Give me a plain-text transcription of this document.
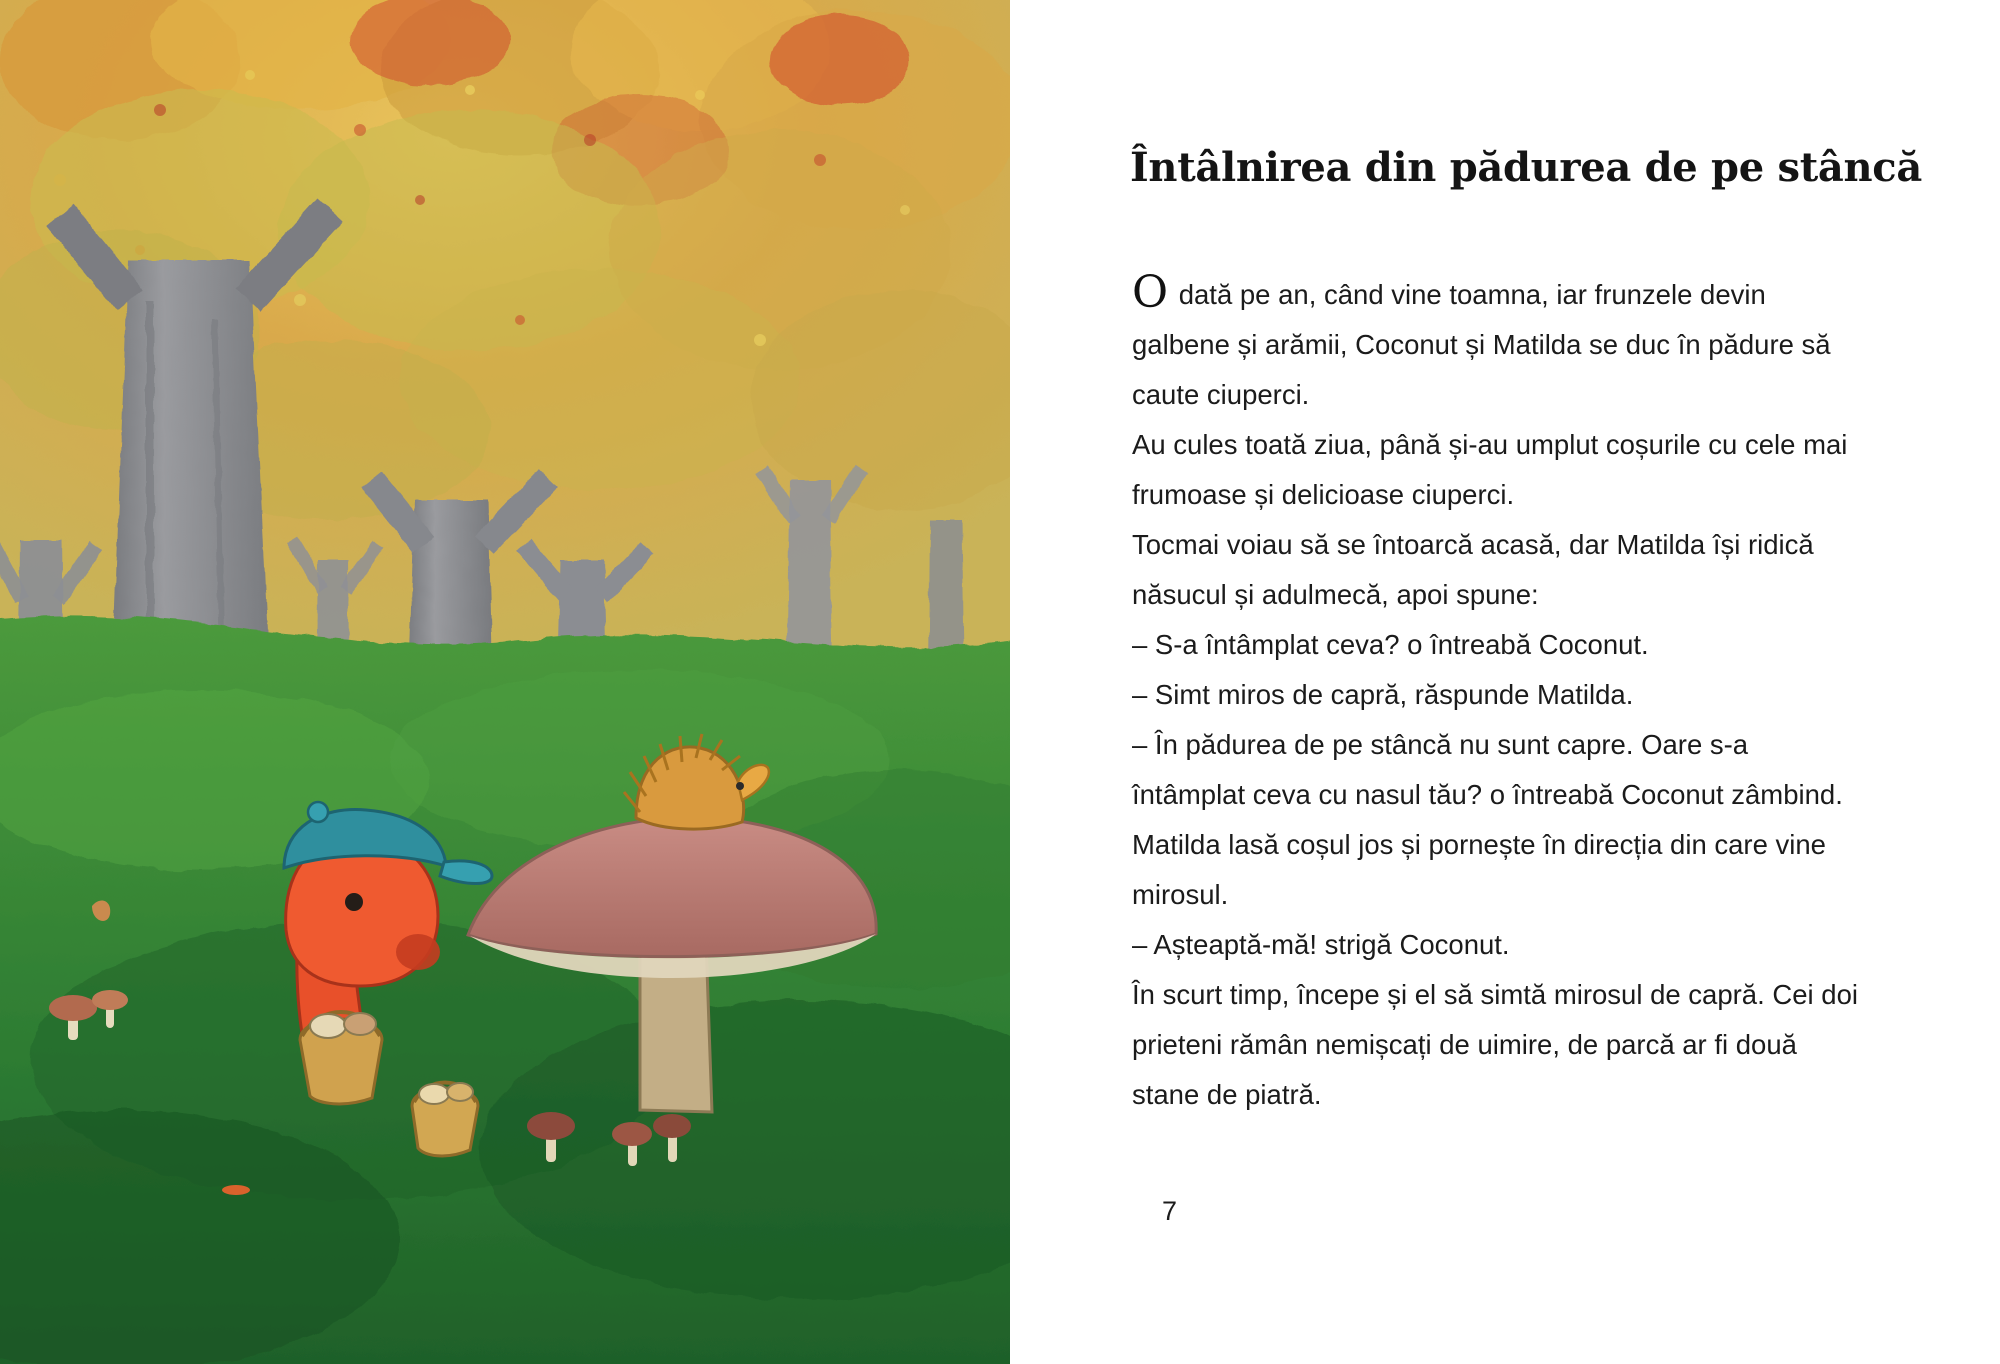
Întâlnirea din pădurea de pe stâncă

O dată pe an, când vine toamna, iar frunzele devin galbene și arămii, Coconut și Matilda se duc în pădure să caute ciuperci.

Au cules toată ziua, până și-au umplut coșurile cu cele mai frumoase și delicioase ciuperci.

Tocmai voiau să se întoarcă acasă, dar Matilda își ridică năsucul și adulmecă, apoi spune:

– S-a întâmplat ceva? o întreabă Coconut.

– Simt miros de capră, răspunde Matilda.

– În pădurea de pe stâncă nu sunt capre. Oare s-a întâmplat ceva cu nasul tău? o întreabă Coconut zâmbind.

Matilda lasă coșul jos și pornește în direcția din care vine mirosul.

– Așteaptă-mă! strigă Coconut.

În scurt timp, începe și el să simtă mirosul de capră. Cei doi prieteni rămân nemișcați de uimire, de parcă ar fi două stane de piatră.

7
